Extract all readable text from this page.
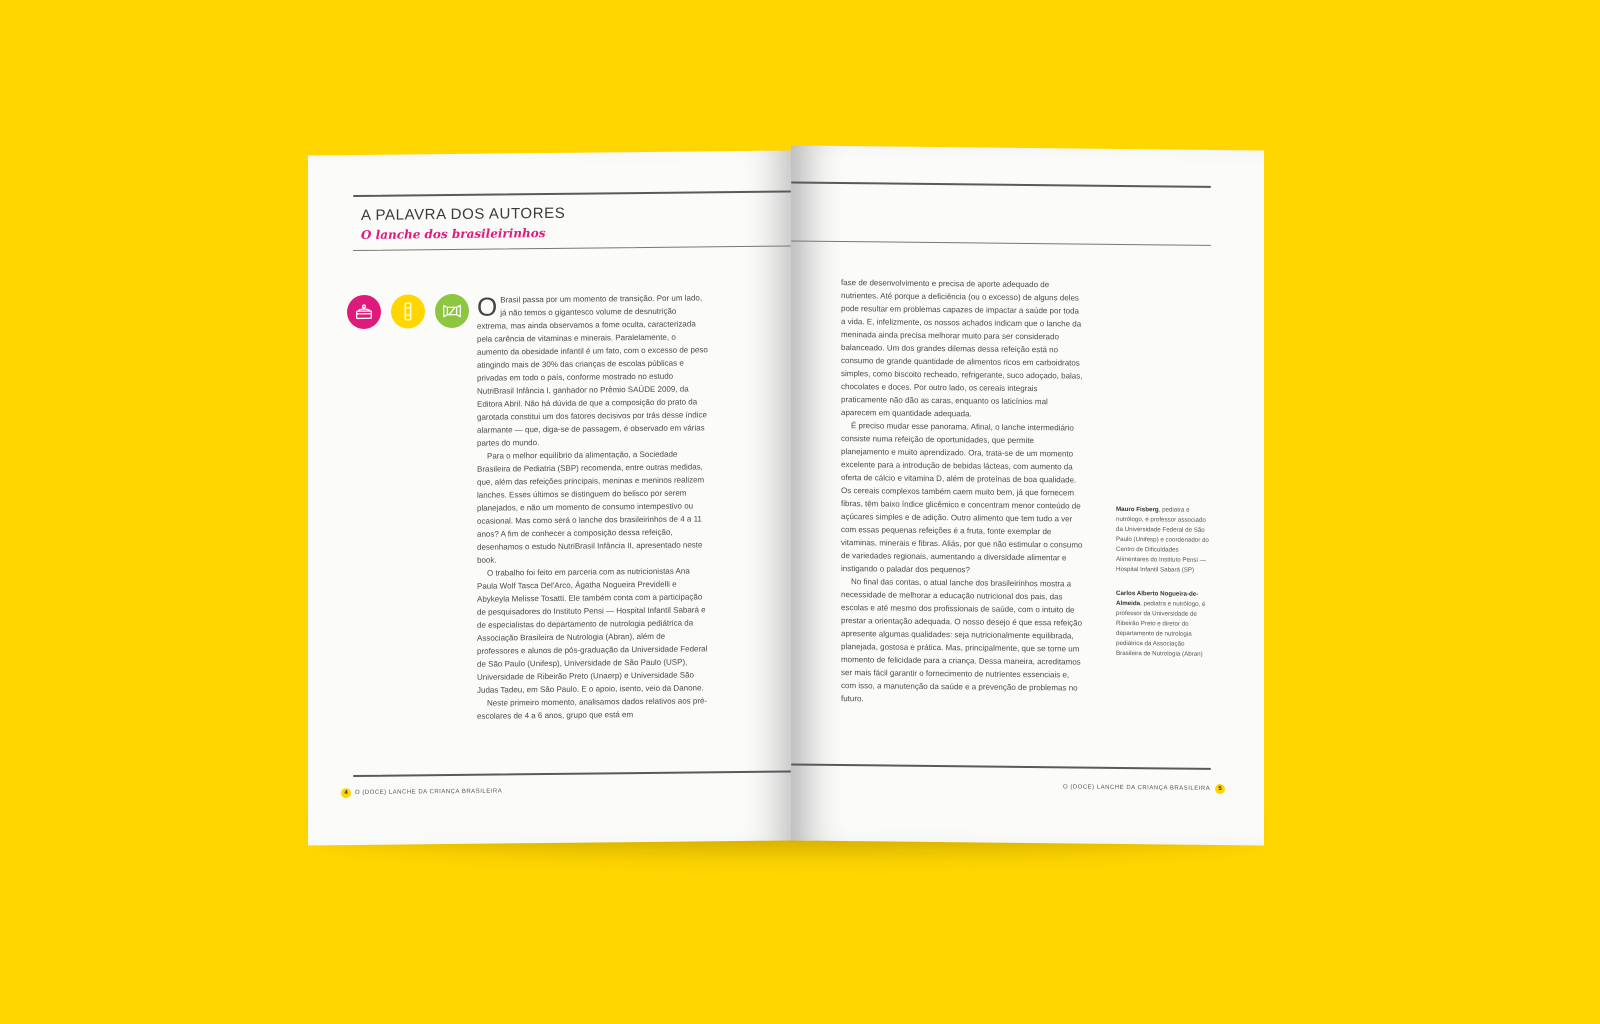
A PALAVRA DOS AUTORES
O lanche dos brasileirinhos
O Brasil passa por um momento de transição. Por um lado, já não temos o gigantesco volume de desnutrição extrema, mas ainda observamos a fome oculta, caracterizada pela carência de vitaminas e minerais. Paralelamente, o aumento da obesidade infantil é um fato, com o excesso de peso atingindo mais de 30% das crianças de escolas públicas e privadas em todo o país, conforme mostrado no estudo NutriBrasil Infância I, ganhador no Prêmio SAÚDE 2009, da Editora Abril. Não há dúvida de que a composição do prato da garotada constitui um dos fatores decisivos por trás desse índice alarmante — que, diga-se de passagem, é observado em várias partes do mundo.

Para o melhor equilíbrio da alimentação, a Sociedade Brasileira de Pediatria (SBP) recomenda, entre outras medidas, que, além das refeições principais, meninas e meninos realizem lanches. Esses últimos se distinguem do belisco por serem planejados, e não um momento de consumo intempestivo ou ocasional. Mas como será o lanche dos brasileirinhos de 4 a 11 anos? A fim de conhecer a composição dessa refeição, desenhamos o estudo NutriBrasil Infância II, apresentado neste book.

O trabalho foi feito em parceria com as nutricionistas Ana Paula Wolf Tasca Del'Arco, Ágatha Nogueira Previdelli e Abykeyla Melisse Tosatti. Ele também conta com a participação de pesquisadores do Instituto Pensi — Hospital Infantil Sabará e de especialistas do departamento de nutrologia pediátrica da Associação Brasileira de Nutrologia (Abran), além de professores e alunos de pós-graduação da Universidade Federal de São Paulo (Unifesp), Universidade de São Paulo (USP), Universidade de Ribeirão Preto (Unaerp) e Universidade São Judas Tadeu, em São Paulo. E o apoio, isento, veio da Danone.

Neste primeiro momento, analisamos dados relativos aos pré-escolares de 4 a 6 anos, grupo que está em

4	O (DOCE) LANCHE DA CRIANÇA BRASILEIRA

fase de desenvolvimento e precisa de aporte adequado de nutrientes. Até porque a deficiência (ou o excesso) de alguns deles pode resultar em problemas capazes de impactar a saúde por toda a vida. E, infelizmente, os nossos achados indicam que o lanche da meninada ainda precisa melhorar muito para ser considerado balanceado. Um dos grandes dilemas dessa refeição está no consumo de grande quantidade de alimentos ricos em carboidratos simples, como biscoito recheado, refrigerante, suco adoçado, balas, chocolates e doces. Por outro lado, os cereais integrais praticamente não dão as caras, enquanto os laticínios mal aparecem em quantidade adequada.

É preciso mudar esse panorama. Afinal, o lanche intermediário consiste numa refeição de oportunidades, que permite planejamento e muito aprendizado. Ora, trata-se de um momento excelente para a introdução de bebidas lácteas, com aumento da oferta de cálcio e vitamina D, além de proteínas de boa qualidade. Os cereais complexos também caem muito bem, já que fornecem fibras, têm baixo índice glicêmico e concentram menor conteúdo de açúcares simples e de adição. Outro alimento que tem tudo a ver com essas pequenas refeições é a fruta, fonte exemplar de vitaminas, minerais e fibras. Aliás, por que não estimular o consumo de variedades regionais, aumentando a diversidade alimentar e instigando o paladar dos pequenos?

No final das contas, o atual lanche dos brasileirinhos mostra a necessidade de melhorar a educação nutricional dos pais, das escolas e até mesmo dos profissionais de saúde, com o intuito de prestar a orientação adequada. O nosso desejo é que essa refeição apresente algumas qualidades: seja nutricionalmente equilibrada, planejada, gostosa e prática. Mas, principalmente, que se torne um momento de felicidade para a criança. Dessa maneira, acreditamos ser mais fácil garantir o fornecimento de nutrientes essenciais e, com isso, a manutenção da saúde e a prevenção de problemas no futuro.

Mauro Fisberg, pediatra e nutrólogo, é professor associado da Universidade Federal de São Paulo (Unifesp) e coordenador do Centro de Dificuldades Alimentares do Instituto Pensi — Hospital Infantil Sabará (SP)
Carlos Alberto Nogueira-de-Almeida, pediatra e nutrólogo, é professor da Universidade de Ribeirão Preto e diretor do departamento de nutrologia pediátrica da Associação Brasileira de Nutrologia (Abran)
O (DOCE) LANCHE DA CRIANÇA BRASILEIRA	5
